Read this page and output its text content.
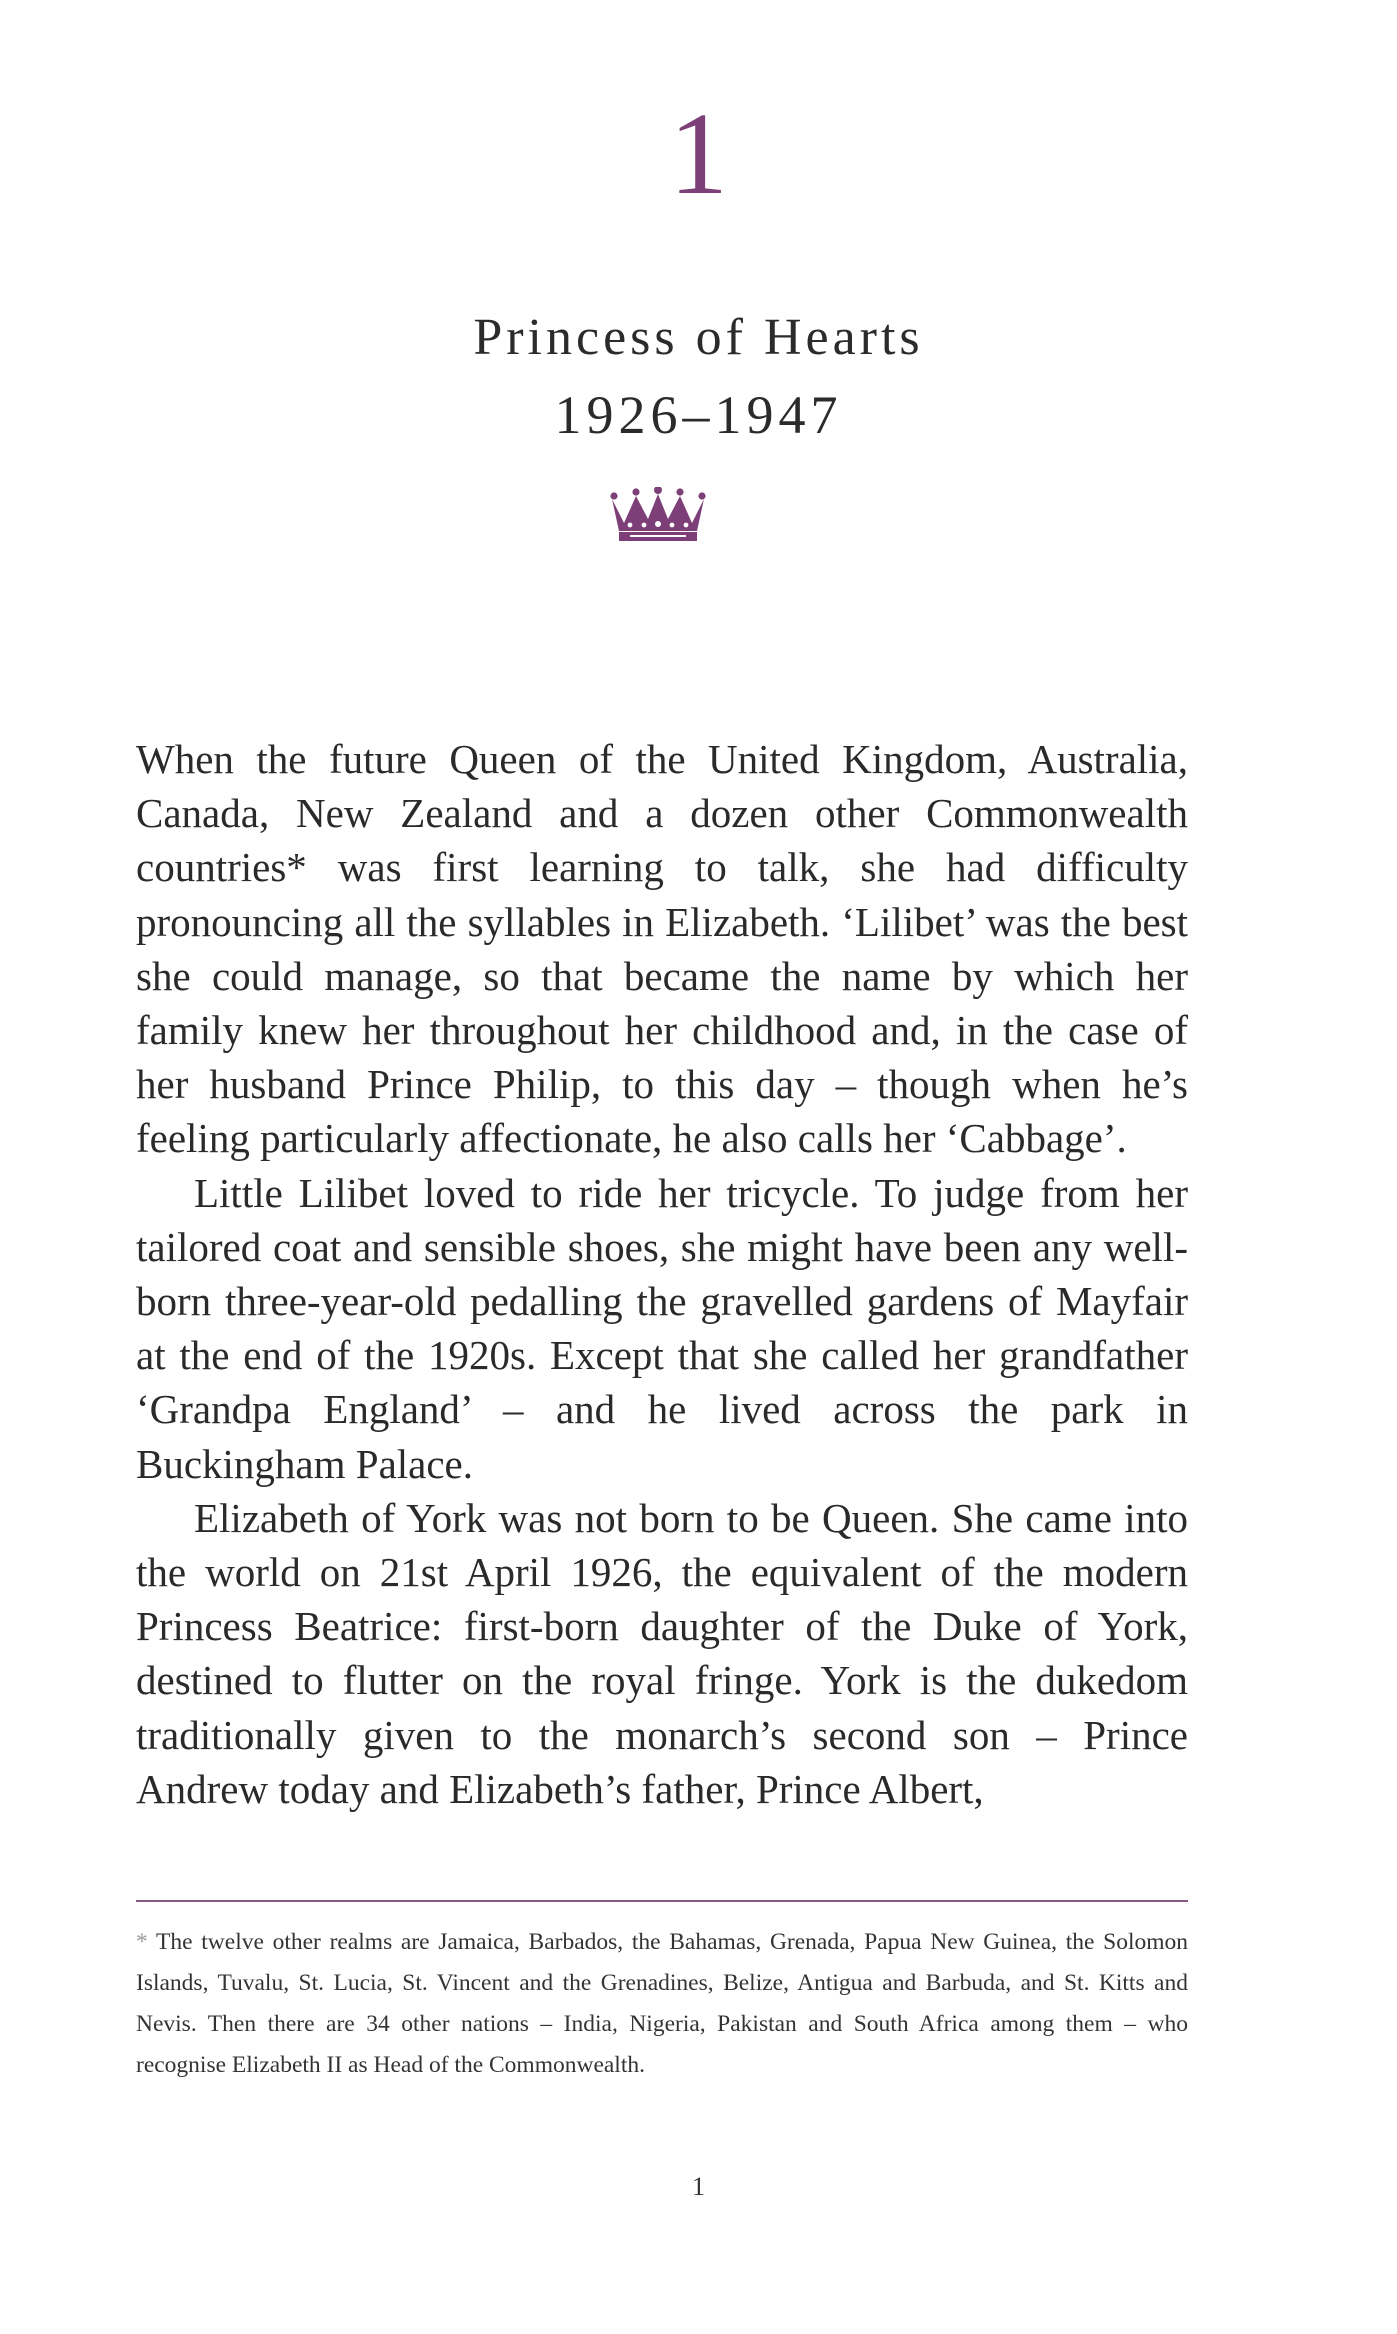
1
Princess of Hearts
1926–1947

When the future Queen of the United Kingdom, Australia, Canada, New Zealand and a dozen other Commonwealth countries* was first learning to talk, she had difficulty pronouncing all the syllables in Elizabeth. ‘Lilibet’ was the best she could manage, so that became the name by which her family knew her throughout her childhood and, in the case of her husband Prince Philip, to this day – though when he’s feeling particularly affectionate, he also calls her ‘Cabbage’.

Little Lilibet loved to ride her tricycle. To judge from her tailored coat and sensible shoes, she might have been any well-born three-year-old pedalling the gravelled gardens of Mayfair at the end of the 1920s. Except that she called her grandfather ‘Grandpa England’ – and he lived across the park in Buckingham Palace.

Elizabeth of York was not born to be Queen. She came into the world on 21st April 1926, the equivalent of the modern Princess Beatrice: first-born daughter of the Duke of York, destined to flutter on the royal fringe. York is the dukedom traditionally given to the monarch’s second son – Prince Andrew today and Elizabeth’s father, Prince Albert,

* The twelve other realms are Jamaica, Barbados, the Bahamas, Grenada, Papua New Guinea, the Solomon Islands, Tuvalu, St. Lucia, St. Vincent and the Grenadines, Belize, Antigua and Barbuda, and St. Kitts and Nevis. Then there are 34 other nations – India, Nigeria, Pakistan and South Africa among them – who recognise Elizabeth II as Head of the Commonwealth.
1
